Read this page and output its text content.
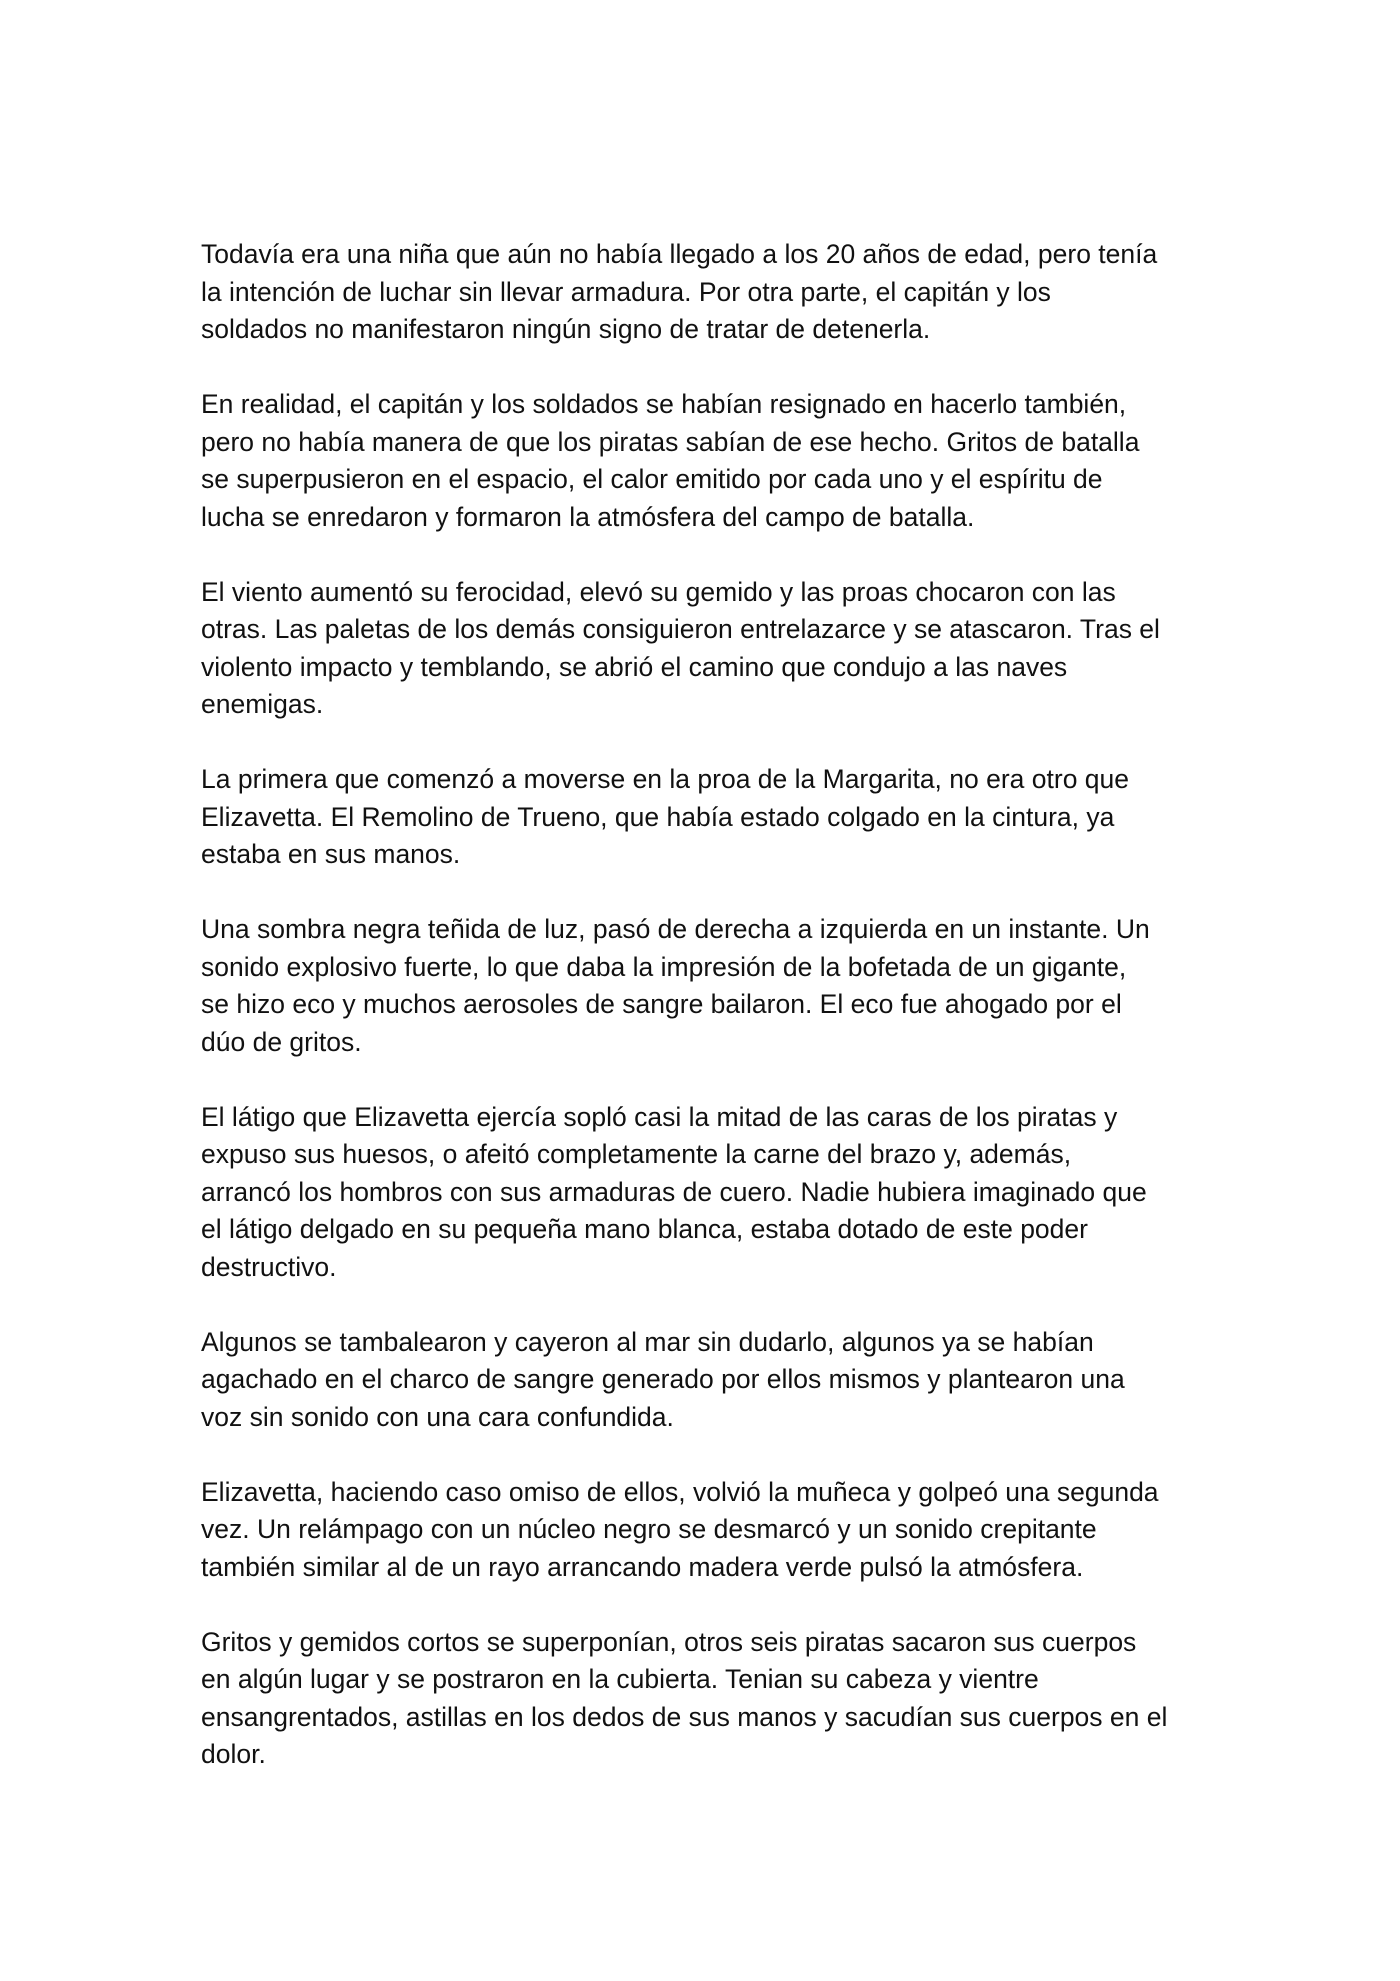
Todavía era una niña que aún no había llegado a los 20 años de edad, pero tenía
la intención de luchar sin llevar armadura. Por otra parte, el capitán y los
soldados no manifestaron ningún signo de tratar de detenerla.

En realidad, el capitán y los soldados se habían resignado en hacerlo también,
pero no había manera de que los piratas sabían de ese hecho. Gritos de batalla
se superpusieron en el espacio, el calor emitido por cada uno y el espíritu de
lucha se enredaron y formaron la atmósfera del campo de batalla.

El viento aumentó su ferocidad, elevó su gemido y las proas chocaron con las
otras. Las paletas de los demás consiguieron entrelazarce y se atascaron. Tras el
violento impacto y temblando, se abrió el camino que condujo a las naves
enemigas.

La primera que comenzó a moverse en la proa de la Margarita, no era otro que
Elizavetta. El Remolino de Trueno, que había estado colgado en la cintura, ya
estaba en sus manos.

Una sombra negra teñida de luz, pasó de derecha a izquierda en un instante. Un
sonido explosivo fuerte, lo que daba la impresión de la bofetada de un gigante,
se hizo eco y muchos aerosoles de sangre bailaron. El eco fue ahogado por el
dúo de gritos.

El látigo que Elizavetta ejercía sopló casi la mitad de las caras de los piratas y
expuso sus huesos, o afeitó completamente la carne del brazo y, además,
arrancó los hombros con sus armaduras de cuero. Nadie hubiera imaginado que
el látigo delgado en su pequeña mano blanca, estaba dotado de este poder
destructivo.

Algunos se tambalearon y cayeron al mar sin dudarlo, algunos ya se habían
agachado en el charco de sangre generado por ellos mismos y plantearon una
voz sin sonido con una cara confundida.

Elizavetta, haciendo caso omiso de ellos, volvió la muñeca y golpeó una segunda
vez. Un relámpago con un núcleo negro se desmarcó y un sonido crepitante
también similar al de un rayo arrancando madera verde pulsó la atmósfera.

Gritos y gemidos cortos se superponían, otros seis piratas sacaron sus cuerpos
en algún lugar y se postraron en la cubierta. Tenian su cabeza y vientre
ensangrentados, astillas en los dedos de sus manos y sacudían sus cuerpos en el
dolor.
